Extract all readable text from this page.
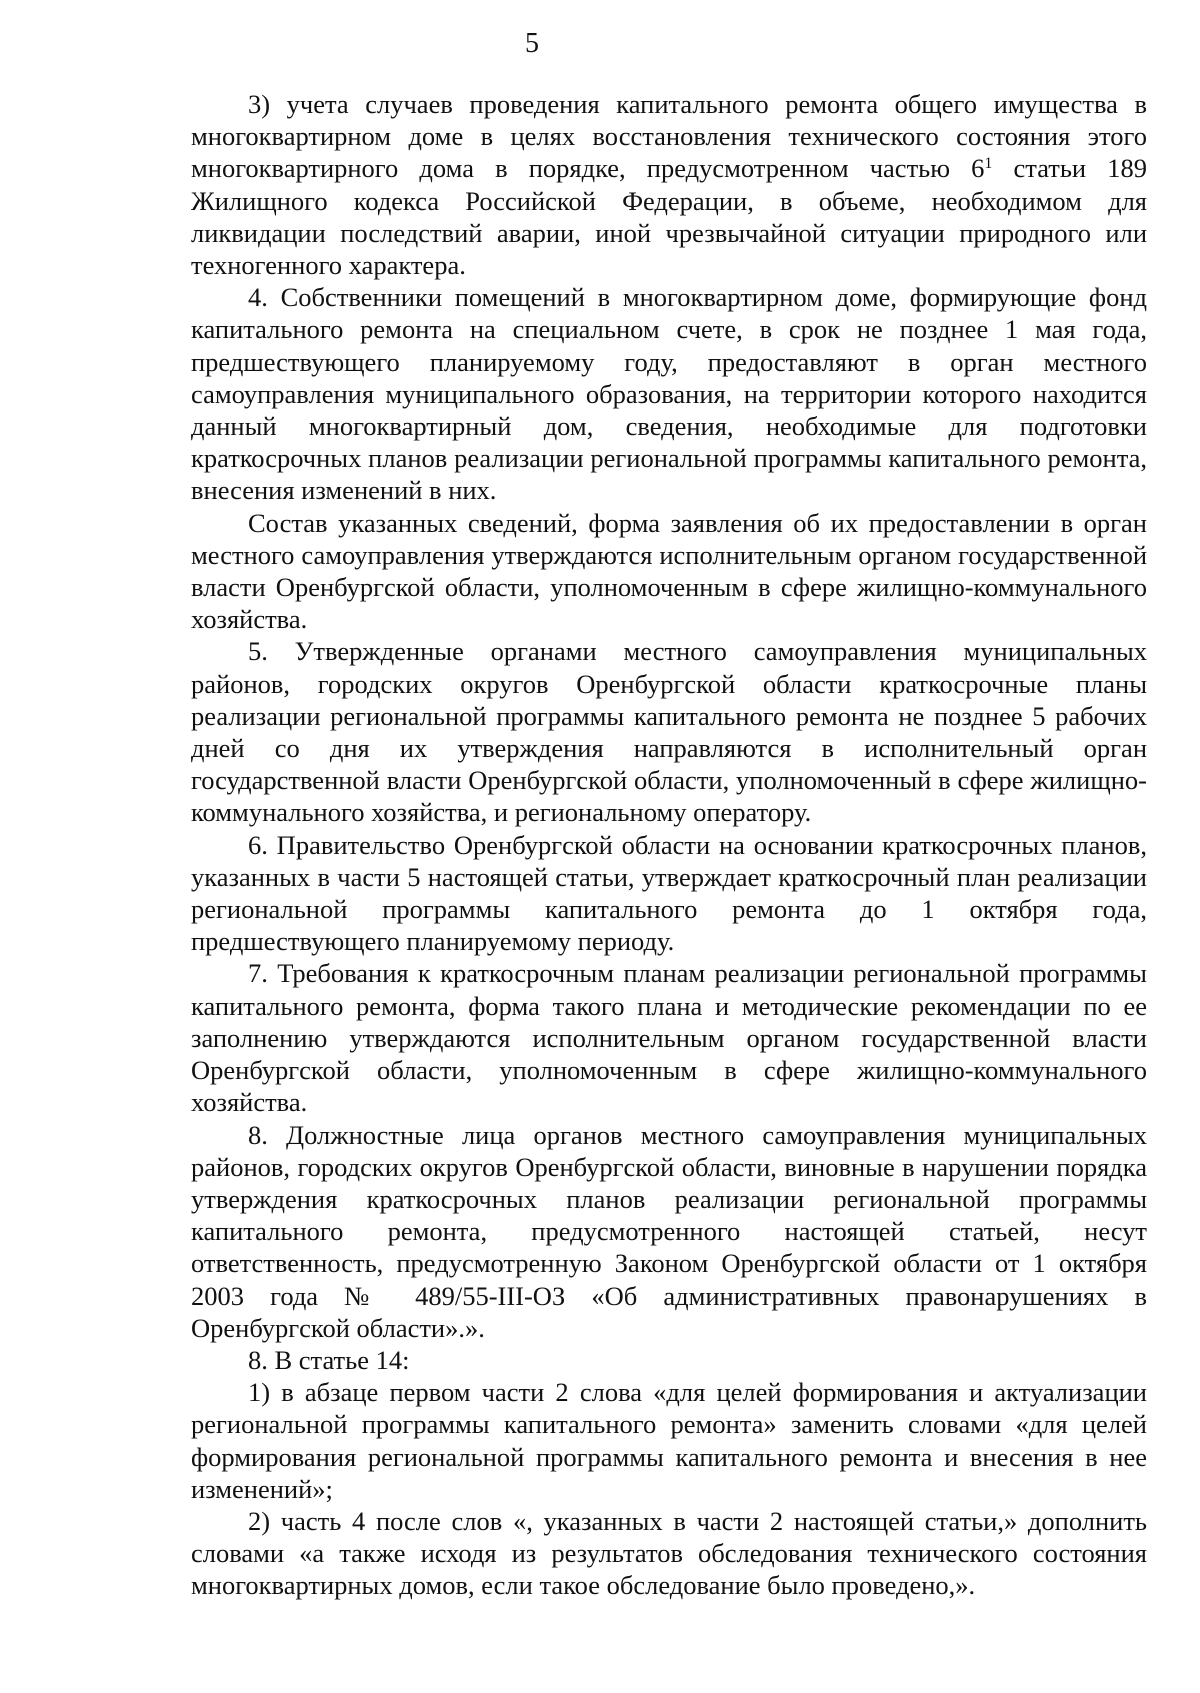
5

3) учета случаев проведения капитального ремонта общего имущества в многоквартирном доме в целях восстановления технического состояния этого многоквартирного дома в порядке, предусмотренном частью $6^1$ статьи 189 Жилищного кодекса Российской Федерации, в объеме, необходимом для ликвидации последствий аварии, иной чрезвычайной ситуации природного или техногенного характера.

4. Собственники помещений в многоквартирном доме, формирующие фонд капитального ремонта на специальном счете, в срок не позднее 1 мая года, предшествующего планируемому году, предоставляют в орган местного самоуправления муниципального образования, на территории которого находится данный многоквартирный дом, сведения, необходимые для подготовки краткосрочных планов реализации региональной программы капитального ремонта, внесения изменений в них.

Состав указанных сведений, форма заявления об их предоставлении в орган местного самоуправления утверждаются исполнительным органом государственной власти Оренбургской области, уполномоченным в сфере жилищно-коммунального хозяйства.

5. Утвержденные органами местного самоуправления муниципальных районов, городских округов Оренбургской области краткосрочные планы реализации региональной программы капитального ремонта не позднее 5 рабочих дней со дня их утверждения направляются в исполнительный орган государственной власти Оренбургской области, уполномоченный в сфере жилищно-коммунального хозяйства, и региональному оператору.

6. Правительство Оренбургской области на основании краткосрочных планов, указанных в части 5 настоящей статьи, утверждает краткосрочный план реализации региональной программы капитального ремонта до 1 октября года, предшествующего планируемому периоду.

7. Требования к краткосрочным планам реализации региональной программы капитального ремонта, форма такого плана и методические рекомендации по ее заполнению утверждаются исполнительным органом государственной власти Оренбургской области, уполномоченным в сфере жилищно-коммунального хозяйства.

8. Должностные лица органов местного самоуправления муниципальных районов, городских округов Оренбургской области, виновные в нарушении порядка утверждения краткосрочных планов реализации региональной программы капитального ремонта, предусмотренного настоящей статьей, несут ответственность, предусмотренную Законом Оренбургской области от 1 октября 2003 года № 489/55-III-ОЗ «Об административных правонарушениях в Оренбургской области».».

8. В статье 14:

1) в абзаце первом части 2 слова «для целей формирования и актуализации региональной программы капитального ремонта» заменить словами «для целей формирования региональной программы капитального ремонта и внесения в нее изменений»;

2) часть 4 после слов «, указанных в части 2 настоящей статьи,» дополнить словами «а также исходя из результатов обследования технического состояния многоквартирных домов, если такое обследование было проведено,».
